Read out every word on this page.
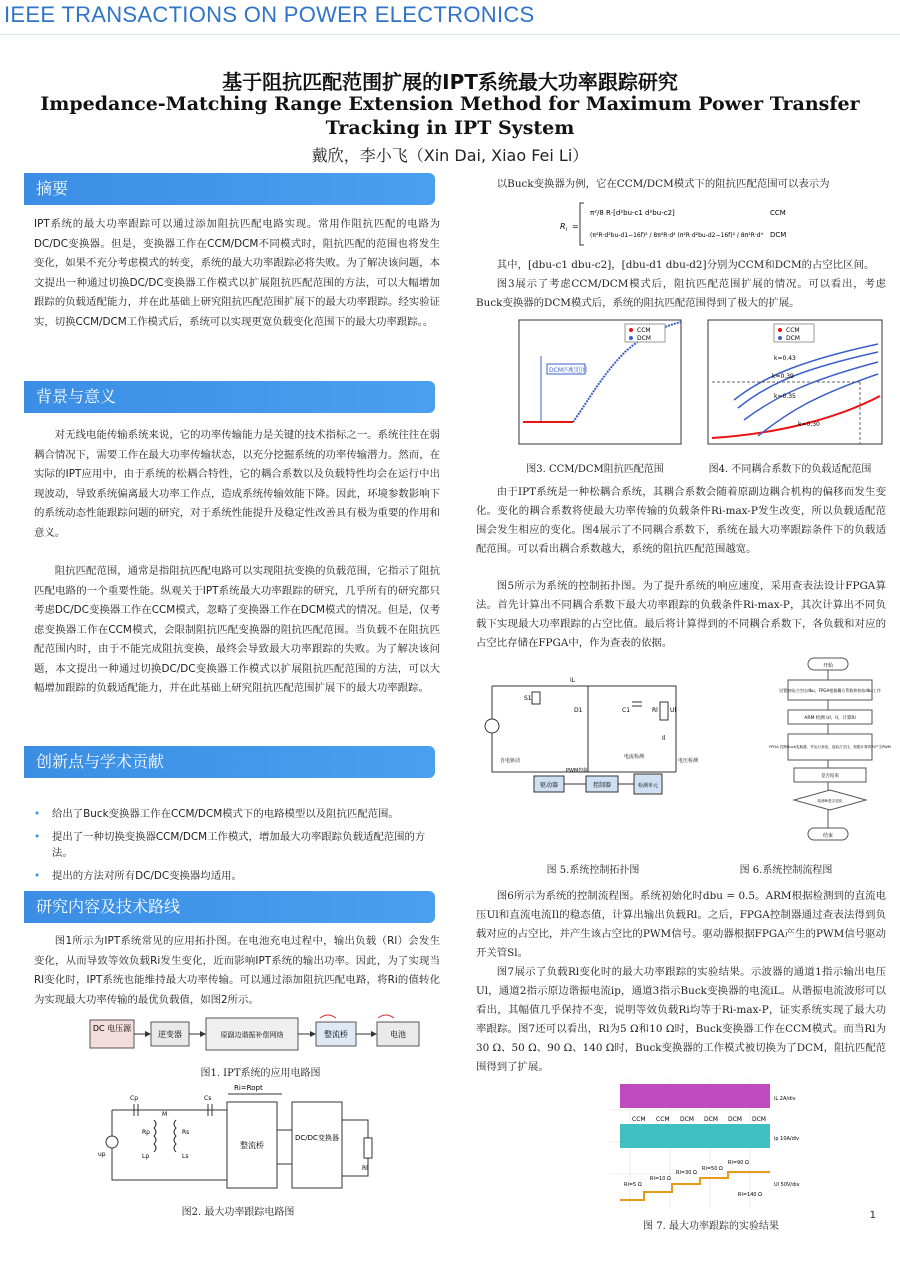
IEEE TRANSACTIONS ON POWER ELECTRONICS
基于阻抗匹配范围扩展的IPT系统最大功率跟踪研究
Impedance-Matching Range Extension Method for Maximum Power Transfer Tracking in IPT System
戴欣，李小飞（Xin Dai, Xiao Fei Li）
摘要
IPT系统的最大功率跟踪可以通过添加阻抗匹配电路实现。常用作阻抗匹配的电路为DC/DC变换器。但是，变换器工作在CCM/DCM不同模式时，阻抗匹配的范围也将发生变化，如果不充分考虑模式的转变，系统的最大功率跟踪必将失败。为了解决该问题，本文提出一种通过切换DC/DC变换器工作模式以扩展阻抗匹配范围的方法，可以大幅增加跟踪的负载适配能力，并在此基础上研究阻抗匹配范围扩展下的最大功率跟踪。经实验证实，切换CCM/DCM工作模式后，系统可以实现更宽负载变化范围下的最大功率跟踪。。
背景与意义
对无线电能传输系统来说，它的功率传输能力是关键的技术指标之一。系统往往在弱耦合情况下，需要工作在最大功率传输状态，以充分挖掘系统的功率传输潜力。然而，在实际的IPT应用中，由于系统的松耦合特性，它的耦合系数以及负载特性均会在运行中出现波动，导致系统偏离最大功率工作点，造成系统传输效能下降。因此，环境参数影响下的系统动态性能跟踪问题的研究，对于系统性能提升及稳定性改善具有极为重要的作用和意义。
阻抗匹配范围，通常是指阻抗匹配电路可以实现阻抗变换的负载范围，它指示了阻抗匹配电路的一个重要性能。纵观关于IPT系统最大功率跟踪的研究，几乎所有的研究都只考虑DC/DC变换器工作在CCM模式，忽略了变换器工作在DCM模式的情况。但是，仅考虑变换器工作在CCM模式，会限制阻抗匹配变换器的阻抗匹配范围。当负载不在阻抗匹配范围内时，由于不能完成阻抗变换，最终会导致最大功率跟踪的失败。为了解决该问题，本文提出一种通过切换DC/DC变换器工作模式以扩展阻抗匹配范围的方法，可以大幅增加跟踪的负载适配能力，并在此基础上研究阻抗匹配范围扩展下的最大功率跟踪。
创新点与学术贡献
• 给出了Buck变换器工作在CCM/DCM模式下的电路模型以及阻抗匹配范围。
• 提出了一种切换变换器CCM/DCM工作模式，增加最大功率跟踪负载适配范围的方法。
• 提出的方法对所有DC/DC变换器均适用。
研究内容及技术路线
图1所示为IPT系统常见的应用拓扑图。在电池充电过程中，输出负载（Rl）会发生变化，从而导致等效负载Ri发生变化，近而影响IPT系统的输出功率。因此，为了实现当Rl变化时，IPT系统也能维持最大功率传输。可以通过添加阻抗匹配电路，将Ri的值转化为实现最大功率传输的最优负载值，如图2所示。
DC 电压源
逆变器	原副边谐振补偿网络	整流桥	电池
图1. IPT系统的应用电路图
Ri=Ropt
up
Cp	Cs
Rp	Rs
Lp	Ls
M
整流桥
DC/DC变换器
Rl
图2. 最大功率跟踪电路图
以Buck变换器为例，它在CCM/DCM模式下的阻抗匹配范围可以表示为
R i =
π²/8 R·[d²bu-c1 d²bu-c2]
(π²R·d²bu-d1−16f)² / 8π²R·d⁴ (π²R·d²bu-d2−16f)² / 8π²R·d⁴
CCM
DCM
其中，[dbu-c1 dbu-c2]，[dbu-d1 dbu-d2]分别为CCM和DCM的占空比区间。
图3展示了考虑CCM/DCM模式后，阻抗匹配范围扩展的情况。可以看出，考虑Buck变换器的DCM模式后，系统的阻抗匹配范围得到了极大的扩展。
DCM匹配范围
CCM
DCM
图3. CCM/DCM阻抗匹配范围
k=0.43
k=0.39
k=0.35
k=0.30
CCM
DCM
图4. 不同耦合系数下的负载适配范围
由于IPT系统是一种松耦合系统，其耦合系数会随着原副边耦合机构的偏移而发生变化。变化的耦合系数将使最大功率传输的负载条件Ri-max-P发生改变，所以负载适配范围会发生相应的变化。图4展示了不同耦合系数下，系统在最大功率跟踪条件下的负载适配范围。可以看出耦合系数越大，系统的阻抗匹配范围越宽。
图5所示为系统的控制拓扑图。为了提升系统的响应速度，采用查表法设计FPGA算法。首先计算出不同耦合系数下最大功率跟踪的负载条件Ri-max-P，其次计算出不同负载下实现最大功率跟踪的占空比值。最后将计算得到的不同耦合系数下，各负载和对应的占空比存储在FPGA中，作为查表的依据。
S1
iL
D1	C1	Rl Ul
Il
驱动器	控制器	检测单元
PWM控制
自电驱动
电流检测
电压检测
图 5.系统控制拓扑图
开始
设置初始占空比dbu，FPGA根据耦合系数和初始dbu工作
ARM 检测 Ul，Il，计算Rl
FPGA 控制Buck变换器，并运行查表，选取占空比，根据计算的Rl产生PWM
是否结束
检测Rl是否变化
结束
图 6.系统控制流程图
图6所示为系统的控制流程图。系统初始化时dbu = 0.5。ARM根据检测到的直流电压Ul和直流电流Il的稳态值，计算出输出负载Rl。之后，FPGA控制器通过查表法得到负载对应的占空比，并产生该占空比的PWM信号。驱动器根据FPGA产生的PWM信号驱动开关管Sl。
图7展示了负载Rl变化时的最大功率跟踪的实验结果。示波器的通道1指示输出电压Ul，通道2指示原边谐振电流ip，通道3指示Buck变换器的电流iL。从谐振电流波形可以看出，其幅值几乎保持不变，说明等效负载Ri均等于Ri-max-P，证实系统实现了最大功率跟踪。图7还可以看出，Rl为5 Ω和10 Ω时，Buck变换器工作在CCM模式。而当Rl为30 Ω、50 Ω、90 Ω、140 Ω时，Buck变换器的工作模式被切换为了DCM，阻抗匹配范围得到了扩展。
CCM CCM DCM DCM DCM DCM
Rl=5 Ω
Rl=10 Ω
Rl=30 Ω
Rl=50 Ω
Rl=90 Ω
Rl=140 Ω
iL 2A/div
ip 10A/div
Ul 50V/div
图 7. 最大功率跟踪的实验结果
1
